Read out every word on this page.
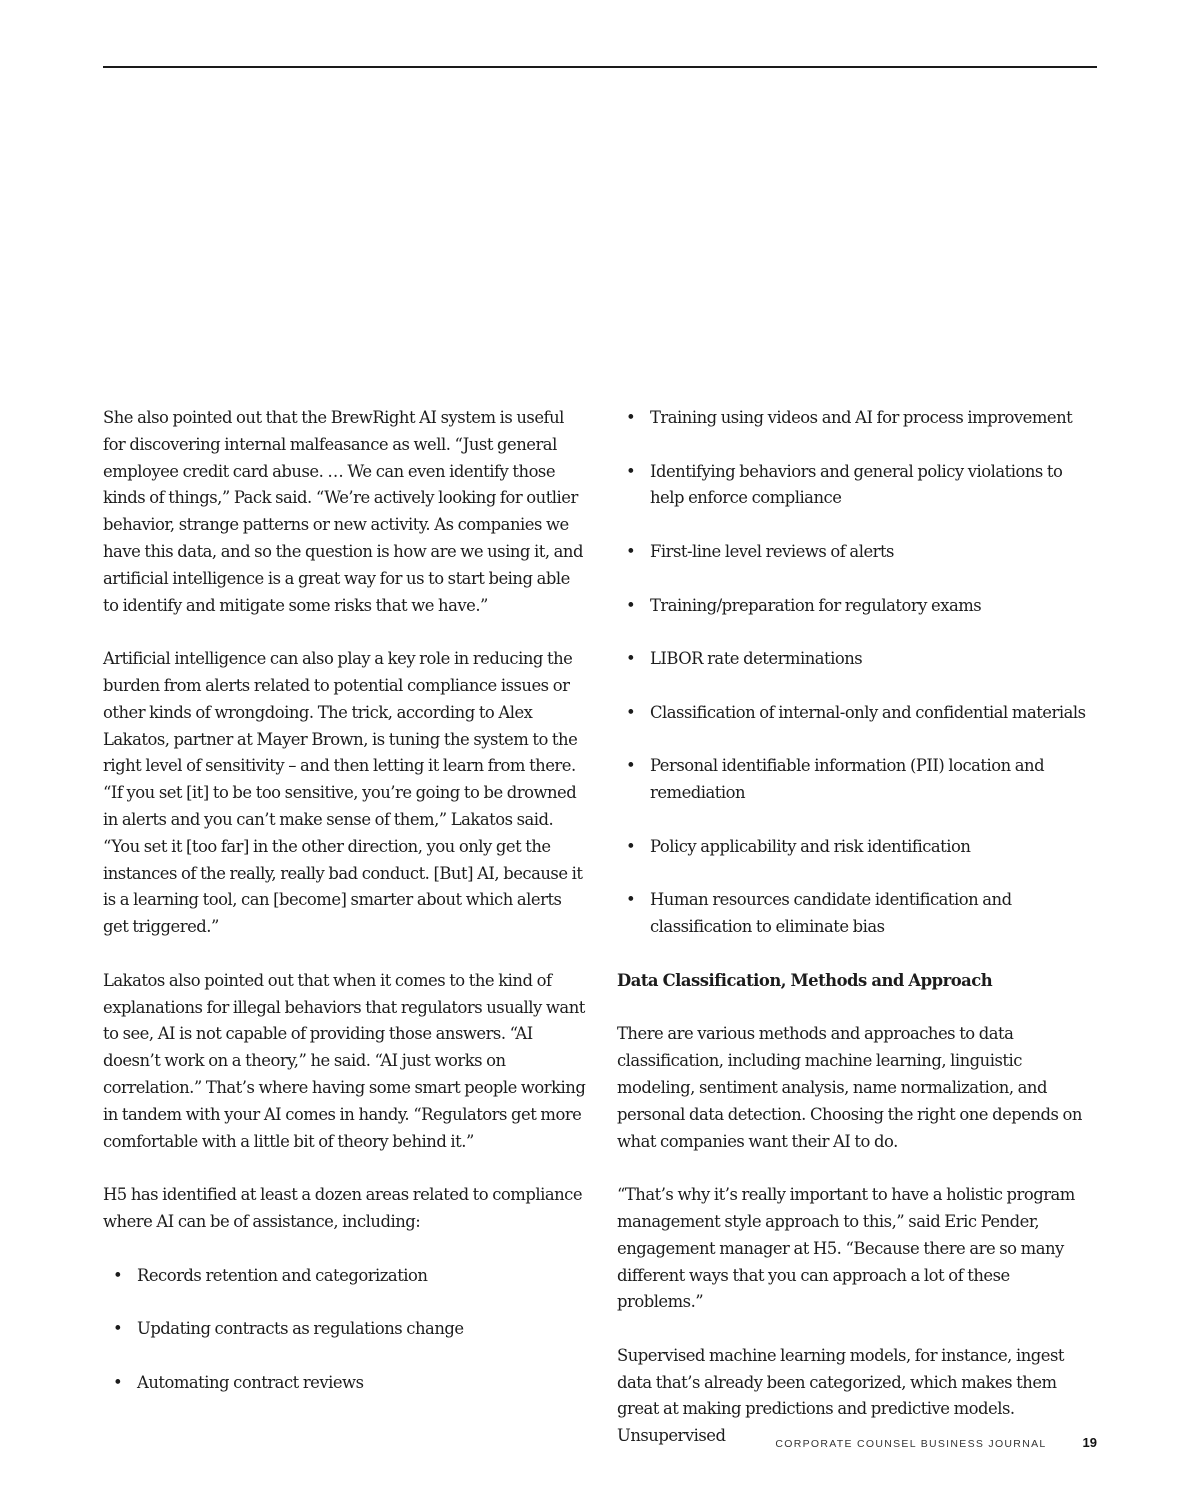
She also pointed out that the BrewRight AI system is useful for discovering internal malfeasance as well. “Just general employee credit card abuse. … We can even identify those kinds of things,” Pack said. “We’re actively looking for outlier behavior, strange patterns or new activity. As companies we have this data, and so the question is how are we using it, and artificial intelligence is a great way for us to start being able to identify and mitigate some risks that we have.”

Artificial intelligence can also play a key role in reducing the burden from alerts related to potential compliance issues or other kinds of wrongdoing. The trick, according to Alex Lakatos, partner at Mayer Brown, is tuning the system to the right level of sensitivity – and then letting it learn from there. “If you set [it] to be too sensitive, you’re going to be drowned in alerts and you can’t make sense of them,” Lakatos said. “You set it [too far] in the other direction, you only get the instances of the really, really bad conduct. [But] AI, because it is a learning tool, can [become] smarter about which alerts get triggered.”

Lakatos also pointed out that when it comes to the kind of explanations for illegal behaviors that regulators usually want to see, AI is not capable of providing those answers. “AI doesn’t work on a theory,” he said. “AI just works on correlation.” That’s where having some smart people working in tandem with your AI comes in handy. “Regulators get more comfortable with a little bit of theory behind it.”

H5 has identified at least a dozen areas related to compliance where AI can be of assistance, including:

• Records retention and categorization
• Updating contracts as regulations change
• Automating contract reviews
• Training using videos and AI for process improvement
• Identifying behaviors and general policy violations to help enforce compliance
• First-line level reviews of alerts
• Training/preparation for regulatory exams
• LIBOR rate determinations
• Classification of internal-only and confidential materials
• Personal identifiable information (PII) location and remediation
• Policy applicability and risk identification
• Human resources candidate identification and classification to eliminate bias
Data Classification, Methods and Approach

There are various methods and approaches to data classification, including machine learning, linguistic modeling, sentiment analysis, name normalization, and personal data detection. Choosing the right one depends on what companies want their AI to do.

“That’s why it’s really important to have a holistic program management style approach to this,” said Eric Pender, engagement manager at H5. “Because there are so many different ways that you can approach a lot of these problems.”

Supervised machine learning models, for instance, ingest data that’s already been categorized, which makes them great at making predictions and predictive models. Unsupervised	CORPORATE COUNSEL BUSINESS JOURNAL	19
